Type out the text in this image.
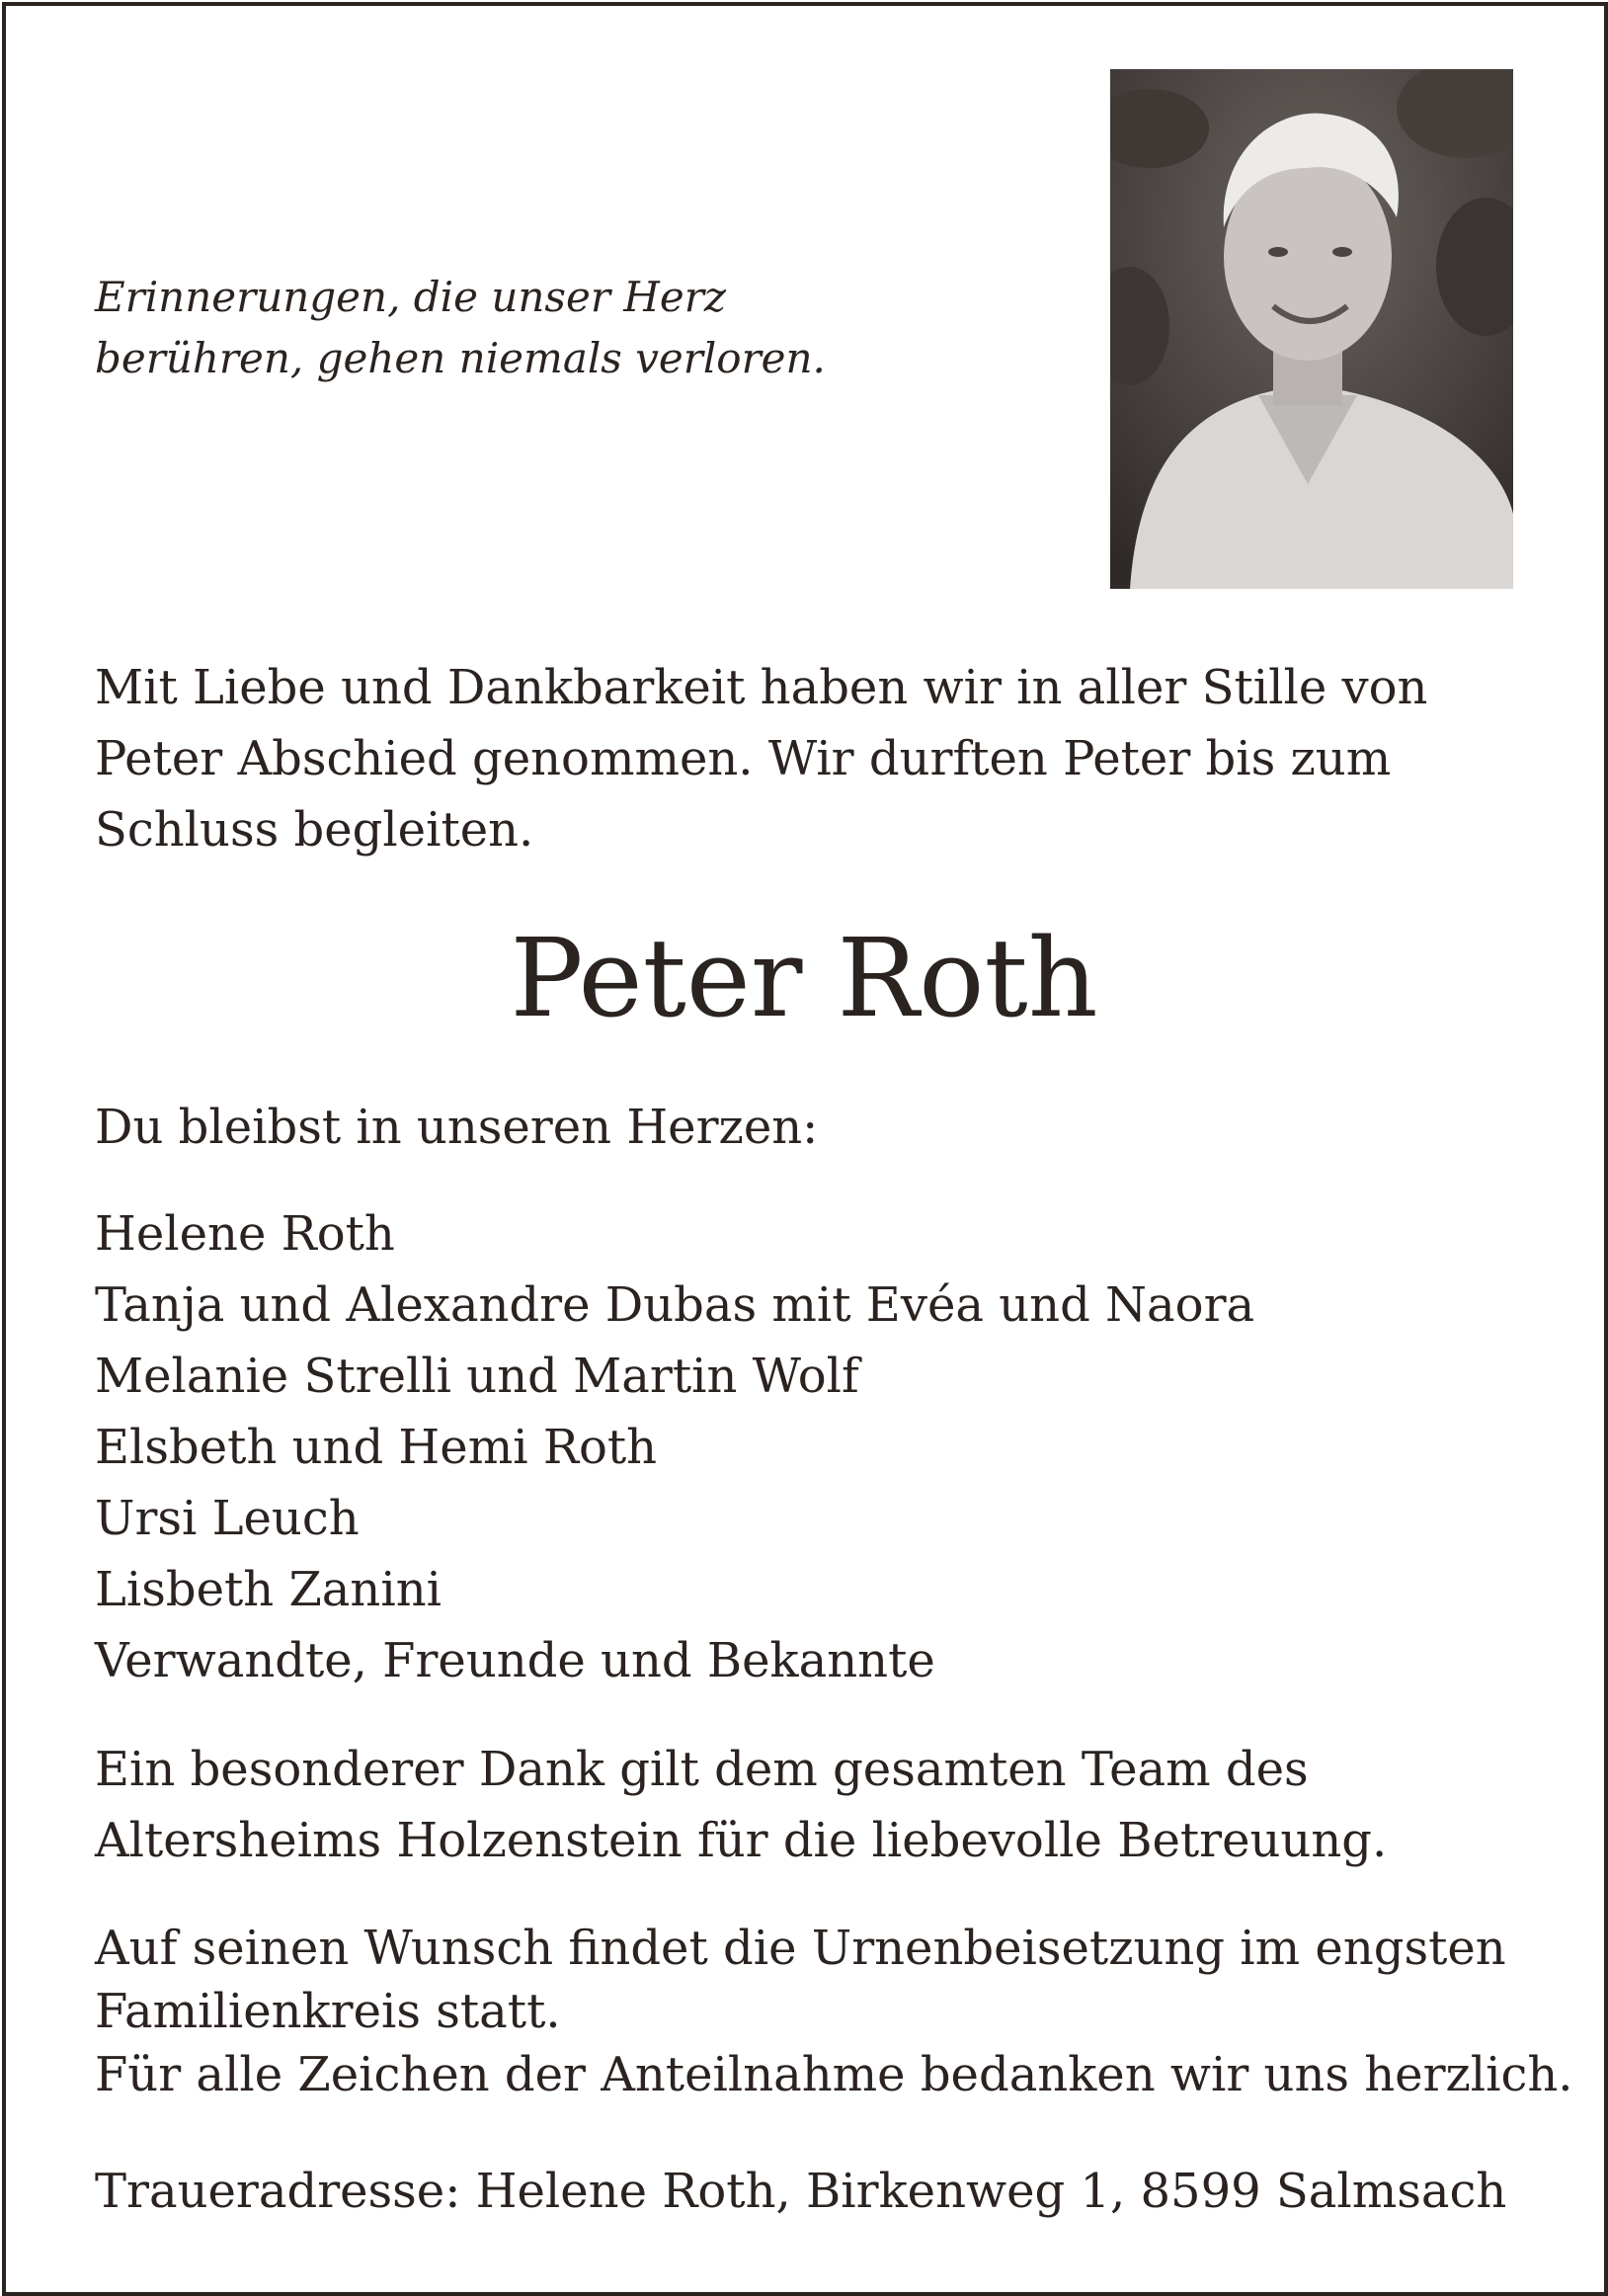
Erinnerungen, die unser Herz
berühren, gehen niemals verloren.
Mit Liebe und Dankbarkeit haben wir in aller Stille von
Peter Abschied genommen. Wir durften Peter bis zum
Schluss begleiten.
Peter Roth
Du bleibst in unseren Herzen:
Helene Roth
Tanja und Alexandre Dubas mit Evéa und Naora
Melanie Strelli und Martin Wolf
Elsbeth und Hemi Roth
Ursi Leuch
Lisbeth Zanini
Verwandte, Freunde und Bekannte
Ein besonderer Dank gilt dem gesamten Team des
Altersheims Holzenstein für die liebevolle Betreuung.
Auf seinen Wunsch findet die Urnenbeisetzung im engsten
Familienkreis statt.
Für alle Zeichen der Anteilnahme bedanken wir uns herzlich.
Traueradresse: Helene Roth, Birkenweg 1, 8599 Salmsach
